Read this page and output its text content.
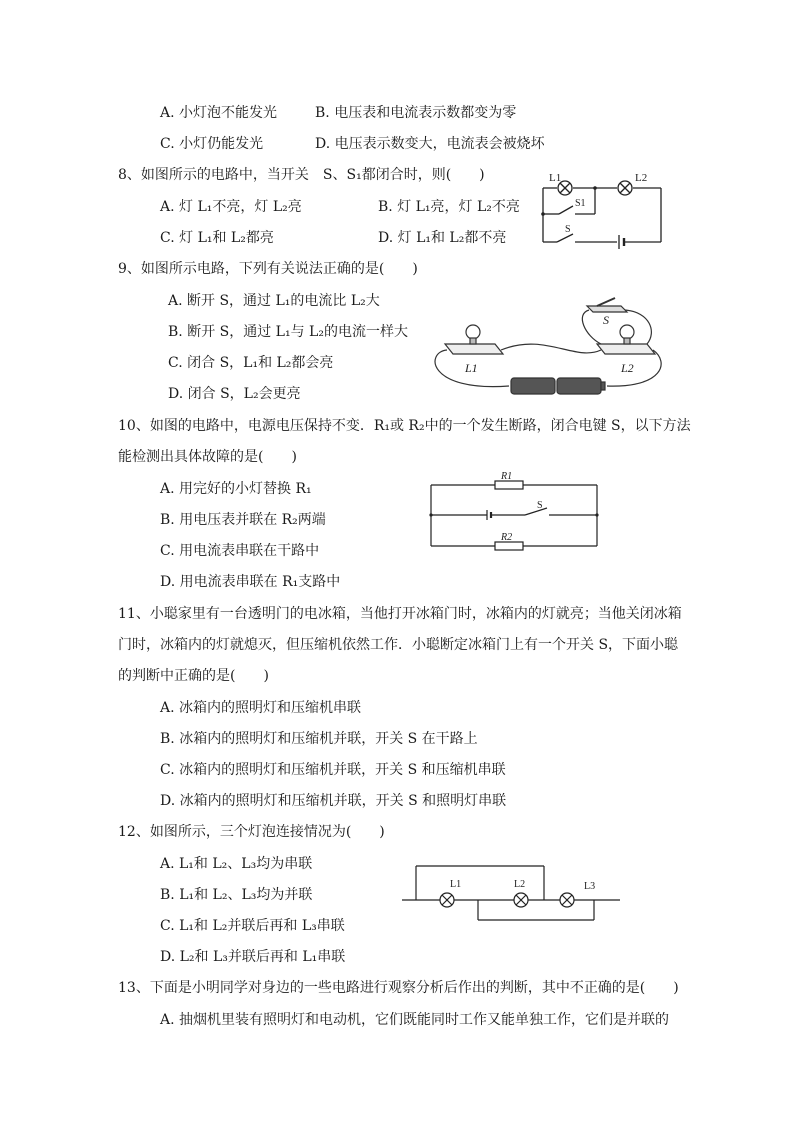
A. 小灯泡不能发光	B. 电压表和电流表示数都变为零
C. 小灯仍能发光	D. 电压表示数变大，电流表会被烧坏
8、如图所示的电路中，当开关　S、S₁都闭合时，则(　　)
A. 灯 L₁不亮，灯 L₂亮	B. 灯 L₁亮，灯 L₂不亮
C. 灯 L₁和 L₂都亮	D. 灯 L₁和 L₂都不亮
L1	L2
S1
S
9、如图所示电路，下列有关说法正确的是(　　)
A. 断开 S，通过 L₁的电流比 L₂大
B. 断开 S，通过 L₁与 L₂的电流一样大
C. 闭合 S，L₁和 L₂都会亮
D. 闭合 S，L₂会更亮
S
L1	L2
10、如图的电路中，电源电压保持不变．R₁或 R₂中的一个发生断路，闭合电键 S，以下方法
能检测出具体故障的是(　　)
A. 用完好的小灯替换 R₁
B. 用电压表并联在 R₂两端
C. 用电流表串联在干路中
D. 用电流表串联在 R₁支路中
R1
S
R2
11、小聪家里有一台透明门的电冰箱，当他打开冰箱门时，冰箱内的灯就亮；当他关闭冰箱
门时，冰箱内的灯就熄灭，但压缩机依然工作．小聪断定冰箱门上有一个开关 S，下面小聪
的判断中正确的是(　　)
A. 冰箱内的照明灯和压缩机串联
B. 冰箱内的照明灯和压缩机并联，开关 S 在干路上
C. 冰箱内的照明灯和压缩机并联，开关 S 和压缩机串联
D. 冰箱内的照明灯和压缩机并联，开关 S 和照明灯串联
12、如图所示，三个灯泡连接情况为(　　)
A. L₁和 L₂、L₃均为串联
B. L₁和 L₂、L₃均为并联
C. L₁和 L₂并联后再和 L₃串联
D. L₂和 L₃并联后再和 L₁串联
L1	L2	L3
13、下面是小明同学对身边的一些电路进行观察分析后作出的判断，其中不正确的是(　　)
A. 抽烟机里装有照明灯和电动机，它们既能同时工作又能单独工作，它们是并联的
